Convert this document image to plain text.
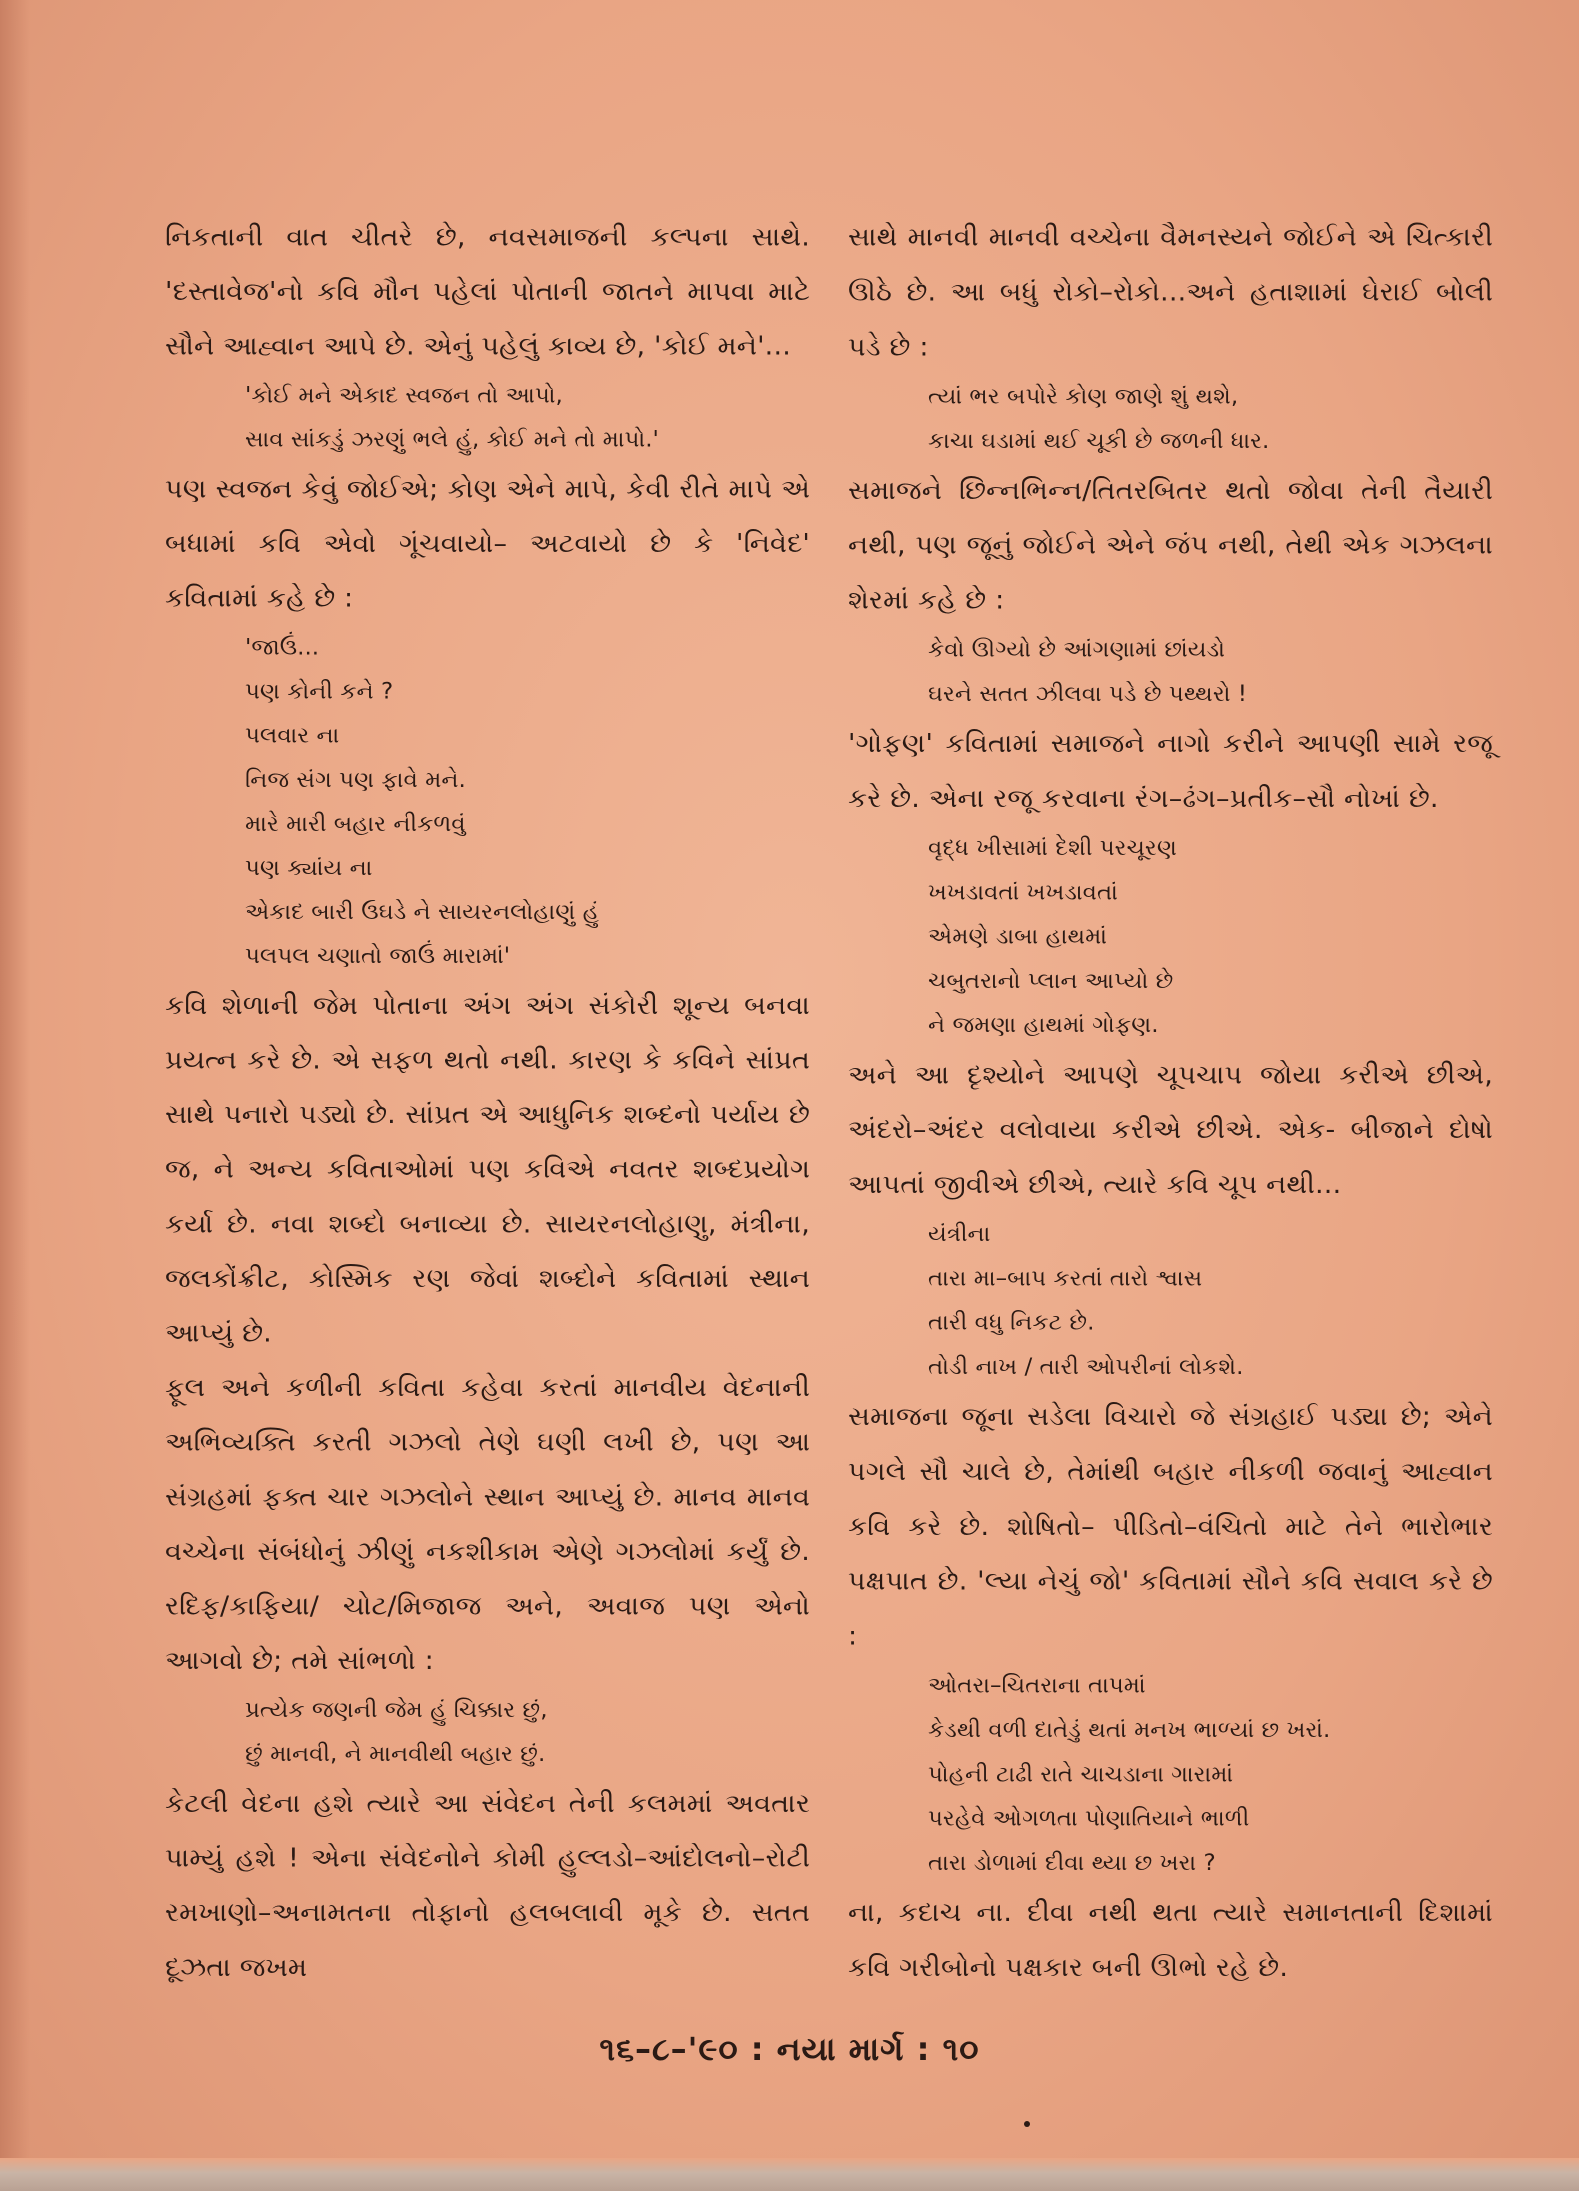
નિકતાની વાત ચીતરે છે, નવસમાજની કલ્પના સાથે. 'દસ્તાવેજ'નો કવિ મૌન પહેલાં પોતાની જાતને માપવા માટે સૌને આહ્વાન આપે છે. એનું પહેલું કાવ્ય છે, 'કોઈ મને'...

'કોઈ મને એકાદ સ્વજન તો આપો,

સાવ સાંકડું ઝરણું ભલે હું, કોઈ મને તો માપો.'

પણ સ્વજન કેવું જોઈએ; કોણ એને માપે, કેવી રીતે માપે એ બધામાં કવિ એવો ગૂંચવાયો– અટવાયો છે કે 'નિવેદ' કવિતામાં કહે છે :

'જાઉં...

પણ કોની કને ?

પલવાર ના

નિજ સંગ પણ ફાવે મને.

મારે મારી બહાર નીકળવું

પણ ક્યાંય ના

એકાદ બારી ઉઘડે ને સાયરનલોહાણું હું

પલપલ ચણાતો જાઉં મારામાં'

કવિ શેળાની જેમ પોતાના અંગ અંગ સંકોરી શૂન્ય બનવા પ્રયત્ન કરે છે. એ સફળ થતો નથી. કારણ કે કવિને સાંપ્રત સાથે પનારો પડ્યો છે. સાંપ્રત એ આધુનિક શબ્દનો પર્યાય છે જ, ને અન્ય કવિતાઓમાં પણ કવિએ નવતર શબ્દપ્રયોગ કર્યા છે. નવા શબ્દો બનાવ્યા છે. સાયરનલોહાણુ, મંત્રીના, જલકોંક્રીટ, કોસ્મિક રણ જેવાં શબ્દોને કવિતામાં સ્થાન આપ્યું છે.

ફૂલ અને કળીની કવિતા કહેવા કરતાં માનવીય વેદનાની અભિવ્યક્તિ કરતી ગઝલો તેણે ઘણી લખી છે, પણ આ સંગ્રહમાં ફક્ત ચાર ગઝલોને સ્થાન આપ્યું છે. માનવ માનવ વચ્ચેના સંબંધોનું ઝીણું નકશીકામ એણે ગઝલોમાં કર્યું છે. રદિફ/કાફિયા/ ચોટ/મિજાજ અને, અવાજ પણ એનો આગવો છે; તમે સાંભળો :

પ્રત્યેક જણની જેમ હું ચિક્કાર છું,

છું માનવી, ને માનવીથી બહાર છું.

કેટલી વેદના હશે ત્યારે આ સંવેદન તેની કલમમાં અવતાર પામ્યું હશે ! એના સંવેદનોને કોમી હુલ્લડો–આંદોલનો–રોટી રમખાણો–અનામતના તોફાનો હલબલાવી મૂકે છે. સતત દૂઝતા જખમ

સાથે માનવી માનવી વચ્ચેના વૈમનસ્યને જોઈને એ ચિત્કારી ઊઠે છે. આ બધું રોકો–રોકો...અને હતાશામાં ઘેરાઈ બોલી પડે છે :

ત્યાં ભર બપોરે કોણ જાણે શું થશે,

કાચા ઘડામાં થઈ ચૂકી છે જળની ધાર.

સમાજને છિન્નભિન્ન/તિતરબિતર થતો જોવા તેની તૈયારી નથી, પણ જૂનું જોઈને એને જંપ નથી, તેથી એક ગઝલના શેરમાં કહે છે :

કેવો ઊગ્યો છે આંગણામાં છાંયડો

ઘરને સતત ઝીલવા પડે છે પથ્થરો !

'ગોફણ' કવિતામાં સમાજને નાગો કરીને આપણી સામે રજૂ કરે છે. એના રજૂ કરવાના રંગ–ઢંગ–પ્રતીક–સૌ નોખાં છે.

વૃદ્ધ ખીસામાં દેશી પરચૂરણ

ખખડાવતાં ખખડાવતાં

એમણે ડાબા હાથમાં

ચબુતરાનો પ્લાન આપ્યો છે

ને જમણા હાથમાં ગોફણ.

અને આ દૃશ્યોને આપણે ચૂપચાપ જોયા કરીએ છીએ, અંદરો–અંદર વલોવાયા કરીએ છીએ. એક- બીજાને દોષો આપતાં જીવીએ છીએ, ત્યારે કવિ ચૂપ નથી...

યંત્રીના

તારા મા–બાપ કરતાં તારો શ્વાસ

તારી વધુ નિકટ છે.

તોડી નાખ / તારી ઓપરીનાં લોકશે.

સમાજના જૂના સડેલા વિચારો જે સંગ્રહાઈ પડ્યા છે; એને પગલે સૌ ચાલે છે, તેમાંથી બહાર નીકળી જવાનું આહ્વાન કવિ કરે છે. શોષિતો– પીડિતો–વંચિતો માટે તેને ભારોભાર પક્ષપાત છે. 'લ્યા નેચું જો' કવિતામાં સૌને કવિ સવાલ કરે છે :

ઓતરા–ચિતરાના તાપમાં

કેડથી વળી દાતેડું થતાં મનખ ભાળ્યાં છ ખરાં.

પોહની ટાઢી રાતે ચાચડાના ગારામાં

પરહેવે ઓગળતા પોણાતિયાને ભાળી

તારા ડોળામાં દીવા થ્યા છ ખરા ?

ના, કદાચ ના. દીવા નથી થતા ત્યારે સમાનતાની દિશામાં કવિ ગરીબોનો પક્ષકાર બની ઊભો રહે છે.

૧૬–૮–'૯૦ : નયા માર્ગ : ૧૦
